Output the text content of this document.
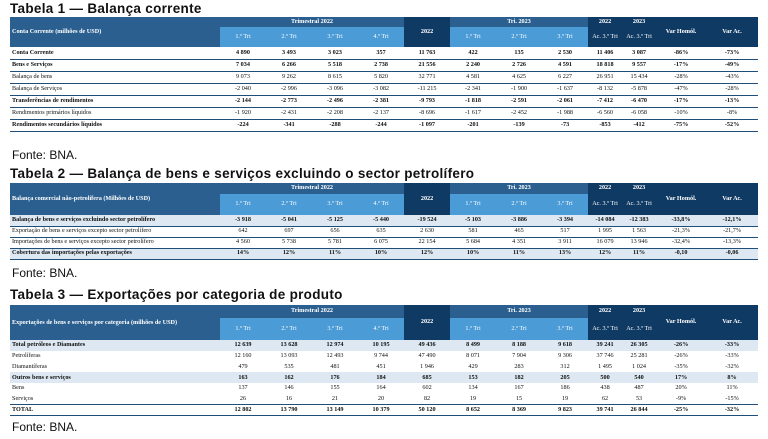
Tabela 1 — Balança corrente
Conta Corrente (milhões de USD)	Trimestral 2022				2022	Tri. 2023			2022	2023	Var Homól.	Var Ac.
	1.º Tri	2.º Tri	3.º Tri	4.º Tri		1.º Tri	2.º Tri	3.º Tri	Ac. 3.º Tri	Ac. 3.º Tri		
Conta Corrente	4 890	3 493	3 023	357	11 763	422	135	2 530	11 406	3 087	-86%	-73%
Bens e Serviços	7 034	6 266	5 518	2 738	21 556	2 240	2 726	4 591	18 818	9 557	-17%	-49%
Balança de bens	9 073	9 262	8 615	5 820	32 771	4 581	4 625	6 227	26 951	15 434	-28%	-43%
Balança de Serviços	-2 040	-2 996	-3 096	-3 082	-11 215	-2 341	-1 900	-1 637	-8 132	-5 878	-47%	-28%
Transferências de rendimentos	-2 144	-2 773	-2 496	-2 381	-9 793	-1 818	-2 591	-2 061	-7 412	-6 470	-17%	-13%
Rendimentos primários líquidos	-1 920	-2 431	-2 208	-2 137	-8 696	-1 617	-2 452	-1 988	-6 560	-6 058	-10%	-8%
Rendimentos secundários líquidos	-224	-341	-288	-244	-1 097	-201	-139	-73	-853	-412	-75%	-52%
Fonte: BNA.
Tabela 2 — Balança de bens e serviços excluindo o sector petrolífero
Balança comercial não-petrolífera (Milhões de USD)	Trimestral 2022				2022	Tri. 2023			2022	2023	Var Homól.	Var Ac.
	1.º Tri	2.º Tri	3.º Tri	4.º Tri		1.º Tri	2.º Tri	3.º Tri	Ac. 3.º Tri	Ac. 3.º Tri		
Balança de bens e serviços excluindo sector petrolífero	-3 918	-5 041	-5 125	-5 440	-19 524	-5 103	-3 886	-3 394	-14 084	-12 383	-33,8%	-12,1%
Exportação de bens e serviços excepto sector petrolífero	642	697	656	635	2 630	581	465	517	1 995	1 563	-21,3%	-21,7%
Importações de bens e serviços excepto sector petrolífero	4 560	5 738	5 781	6 075	22 154	5 684	4 351	3 911	16 079	13 946	-32,4%	-13,3%
Cobertura das importações pelas exportações	14%	12%	11%	10%	12%	10%	11%	13%	12%	11%	-0,10	-0,06
Fonte: BNA.
Tabela 3 — Exportações por categoria de produto
Exportações de bens e serviços por categoria (milhões de USD)	Trimestral 2022				2022	Tri. 2023			2022	2023	Var Homól.	Var Ac.
	1.º Tri	2.º Tri	3.º Tri	4.º Tri		1.º Tri	2.º Tri	3.º Tri	Ac. 3.º Tri	Ac. 3.º Tri		
Total petróleos e Diamantes	12 639	13 628	12 974	10 195	49 436	8 499	8 188	9 618	39 241	26 305	-26%	-33%
Petrolíferas	12 160	13 093	12 493	9 744	47 490	8 071	7 904	9 306	37 746	25 281	-26%	-33%
Diamantíferas	479	535	481	451	1 946	429	283	312	1 495	1 024	-35%	-32%
Outros bens e serviços	163	162	176	184	685	153	182	205	500	540	17%	8%
Bens	137	146	155	164	602	134	167	186	438	487	20%	11%
Serviços	26	16	21	20	82	19	15	19	62	53	-9%	-15%
TOTAL	12 802	13 790	13 149	10 379	50 120	8 652	8 369	9 823	39 741	26 844	-25%	-32%
Fonte: BNA.
